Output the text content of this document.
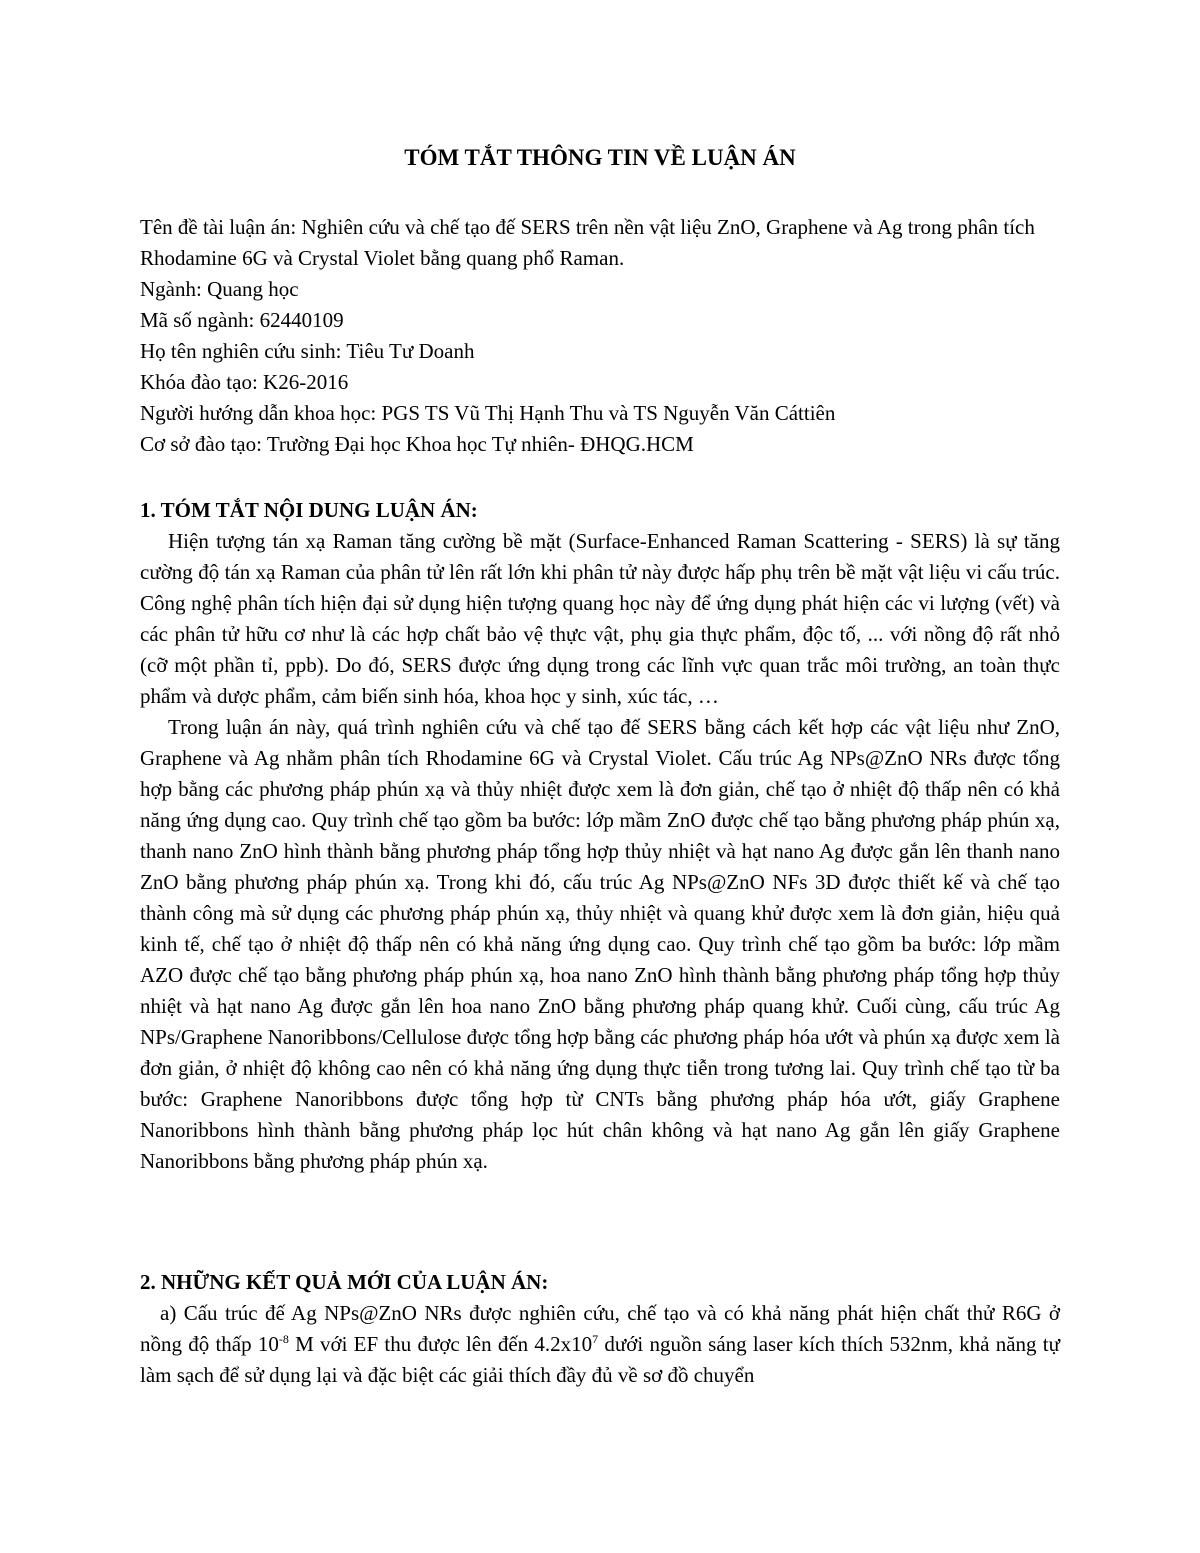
TÓM TẮT THÔNG TIN VỀ LUẬN ÁN

Tên đề tài luận án: Nghiên cứu và chế tạo đế SERS trên nền vật liệu ZnO, Graphene và Ag trong phân tích Rhodamine 6G và Crystal Violet bằng quang phổ Raman.

Ngành: Quang học

Mã số ngành: 62440109

Họ tên nghiên cứu sinh: Tiêu Tư Doanh

Khóa đào tạo: K26-2016

Người hướng dẫn khoa học: PGS TS Vũ Thị Hạnh Thu và TS Nguyễn Văn Cáttiên

Cơ sở đào tạo: Trường Đại học Khoa học Tự nhiên- ĐHQG.HCM

1. TÓM TẮT NỘI DUNG LUẬN ÁN:

Hiện tượng tán xạ Raman tăng cường bề mặt (Surface-Enhanced Raman Scattering - SERS) là sự tăng cường độ tán xạ Raman của phân tử lên rất lớn khi phân tử này được hấp phụ trên bề mặt vật liệu vi cấu trúc. Công nghệ phân tích hiện đại sử dụng hiện tượng quang học này để ứng dụng phát hiện các vi lượng (vết) và các phân tử hữu cơ như là các hợp chất bảo vệ thực vật, phụ gia thực phẩm, độc tố, ... với nồng độ rất nhỏ (cỡ một phần tỉ, ppb). Do đó, SERS được ứng dụng trong các lĩnh vực quan trắc môi trường, an toàn thực phẩm và dược phẩm, cảm biến sinh hóa, khoa học y sinh, xúc tác, …

Trong luận án này, quá trình nghiên cứu và chế tạo đế SERS bằng cách kết hợp các vật liệu như ZnO, Graphene và Ag nhằm phân tích Rhodamine 6G và Crystal Violet. Cấu trúc Ag NPs@ZnO NRs được tổng hợp bằng các phương pháp phún xạ và thủy nhiệt được xem là đơn giản, chế tạo ở nhiệt độ thấp nên có khả năng ứng dụng cao. Quy trình chế tạo gồm ba bước: lớp mầm ZnO được chế tạo bằng phương pháp phún xạ, thanh nano ZnO hình thành bằng phương pháp tổng hợp thủy nhiệt và hạt nano Ag được gắn lên thanh nano ZnO bằng phương pháp phún xạ. Trong khi đó, cấu trúc Ag NPs@ZnO NFs 3D được thiết kế và chế tạo thành công mà sử dụng các phương pháp phún xạ, thủy nhiệt và quang khử được xem là đơn giản, hiệu quả kinh tế, chế tạo ở nhiệt độ thấp nên có khả năng ứng dụng cao. Quy trình chế tạo gồm ba bước: lớp mầm AZO được chế tạo bằng phương pháp phún xạ, hoa nano ZnO hình thành bằng phương pháp tổng hợp thủy nhiệt và hạt nano Ag được gắn lên hoa nano ZnO bằng phương pháp quang khử. Cuối cùng, cấu trúc Ag NPs/Graphene Nanoribbons/Cellulose được tổng hợp bằng các phương pháp hóa ướt và phún xạ được xem là đơn giản, ở nhiệt độ không cao nên có khả năng ứng dụng thực tiễn trong tương lai. Quy trình chế tạo từ ba bước: Graphene Nanoribbons được tổng hợp từ CNTs bằng phương pháp hóa ướt, giấy Graphene Nanoribbons hình thành bằng phương pháp lọc hút chân không và hạt nano Ag gắn lên giấy Graphene Nanoribbons bằng phương pháp phún xạ.

2. NHỮNG KẾT QUẢ MỚI CỦA LUẬN ÁN:

a) Cấu trúc đế Ag NPs@ZnO NRs được nghiên cứu, chế tạo và có khả năng phát hiện chất thử R6G ở nồng độ thấp $10^{-8}$ M với EF thu được lên đến $4.2x10^7$ dưới nguồn sáng laser kích thích 532nm, khả năng tự làm sạch để sử dụng lại và đặc biệt các giải thích đầy đủ về sơ đồ chuyển
